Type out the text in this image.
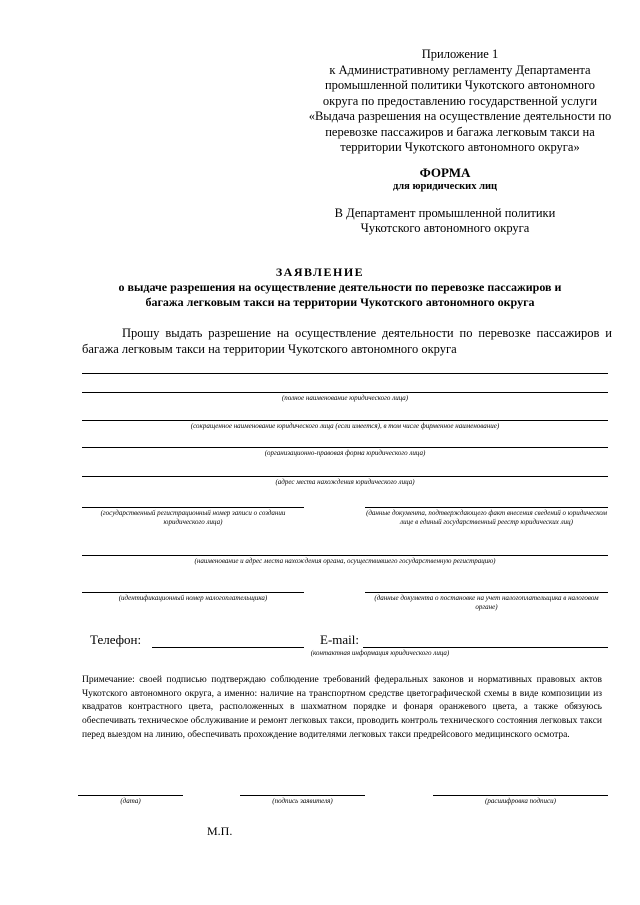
Приложение 1
к Административному регламенту Департамента
промышленной политики Чукотского автономного
округа по предоставлению государственной услуги
«Выдача разрешения на осуществление деятельности по
перевозке пассажиров и багажа легковым такси на
территории Чукотского автономного округа»
ФОРМА
для юридических лиц
В Департамент промышленной политики
Чукотского автономного округа
ЗАЯВЛЕНИЕ
о выдаче разрешения на осуществление деятельности по перевозке пассажиров и
багажа легковым такси на территории Чукотского автономного округа
Прошу выдать разрешение на осуществление деятельности по перевозке пассажиров и багажа легковым такси на территории Чукотского автономного округа
(полное наименование юридического лица)
(сокращенное наименование юридического лица (если имеется), в том числе фирменное наименование)
(организационно-правовая форма юридического лица)
(адрес места нахождения юридического лица)
(государственный регистрационный номер записи о создании юридического лица)
(данные документа, подтверждающего факт внесения сведений о юридическом лице в единый государственный реестр юридических лиц)
(наименование и адрес места нахождения органа, осуществившего государственную регистрацию)
(идентификационный номер налогоплательщика)	(данные документа о постановке на учет налогоплательщика в налоговом органе)
Телефон:	E-mail:
(контактная информация юридического лица)
Примечание: своей подписью подтверждаю соблюдение требований федеральных законов и нормативных правовых актов Чукотского автономного округа, а именно: наличие на транспортном средстве цветографической схемы в виде композиции из квадратов контрастного цвета, расположенных в шахматном порядке и фонаря оранжевого цвета, а также обязуюсь обеспечивать техническое обслуживание и ремонт легковых такси, проводить контроль технического состояния легковых такси перед выездом на линию, обеспечивать прохождение водителями легковых такси предрейсового медицинского осмотра.
(дата)	(подпись заявителя)	(расшифровка подписи)
М.П.
